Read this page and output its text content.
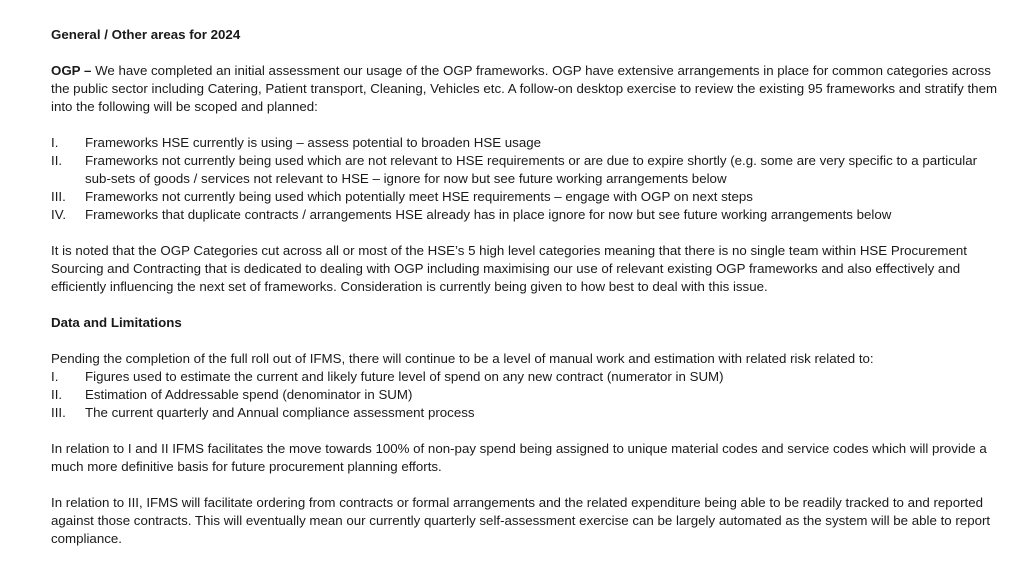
General / Other areas for 2024

OGP – We have completed an initial assessment our usage of the OGP frameworks. OGP have extensive arrangements in place for common categories across the public sector including Catering, Patient transport, Cleaning, Vehicles etc. A follow-on desktop exercise to review the existing 95 frameworks and stratify them into the following will be scoped and planned:

I.	Frameworks HSE currently is using – assess potential to broaden HSE usage
II.	Frameworks not currently being used which are not relevant to HSE requirements or are due to expire shortly (e.g. some are very specific to a particular sub-sets of goods / services not relevant to HSE – ignore for now but see future working arrangements below
III.	Frameworks not currently being used which potentially meet HSE requirements – engage with OGP on next steps
IV.	Frameworks that duplicate contracts / arrangements HSE already has in place ignore for now but see future working arrangements below

It is noted that the OGP Categories cut across all or most of the HSE’s 5 high level categories meaning that there is no single team within HSE Procurement Sourcing and Contracting that is dedicated to dealing with OGP including maximising our use of relevant existing OGP frameworks and also effectively and efficiently influencing the next set of frameworks. Consideration is currently being given to how best to deal with this issue.

Data and Limitations

Pending the completion of the full roll out of IFMS, there will continue to be a level of manual work and estimation with related risk related to:

I.	Figures used to estimate the current and likely future level of spend on any new contract (numerator in SUM)
II.	Estimation of Addressable spend (denominator in SUM)
III.	The current quarterly and Annual compliance assessment process

In relation to I and II IFMS facilitates the move towards 100% of non-pay spend being assigned to unique material codes and service codes which will provide a much more definitive basis for future procurement planning efforts.

In relation to III, IFMS will facilitate ordering from contracts or formal arrangements and the related expenditure being able to be readily tracked to and reported against those contracts. This will eventually mean our currently quarterly self-assessment exercise can be largely automated as the system will be able to report compliance.
